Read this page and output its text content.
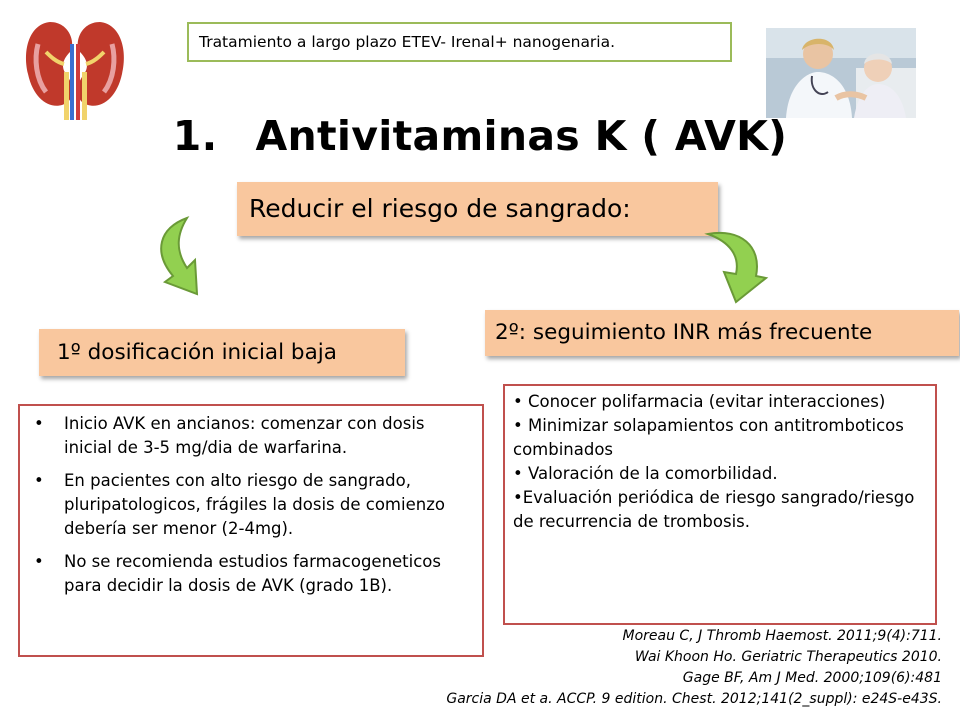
Tratamiento a largo plazo ETEV- Irenal+ nanogenaria.
1. Antivitaminas K ( AVK)
Reducir el riesgo de sangrado:
1º dosificación inicial baja
2º: seguimiento INR más frecuente
• Inicio AVK en ancianos: comenzar con dosis inicial de 3-5 mg/dia de warfarina.
• En pacientes con alto riesgo de sangrado, pluripatologicos, frágiles la dosis de comienzo debería ser menor (2-4mg).
• No se recomienda estudios farmacogeneticos para decidir la dosis de AVK (grado 1B).
• Conocer polifarmacia (evitar interacciones)
• Minimizar solapamientos con antitromboticos combinados
• Valoración de la comorbilidad.
•Evaluación periódica de riesgo sangrado/riesgo de recurrencia de trombosis.
Moreau C, J Thromb Haemost. 2011;9(4):711.
Wai Khoon Ho. Geriatric Therapeutics 2010.
Gage BF, Am J Med. 2000;109(6):481
Garcia DA et a. ACCP. 9 edition. Chest. 2012;141(2_suppl): e24S-e43S.
